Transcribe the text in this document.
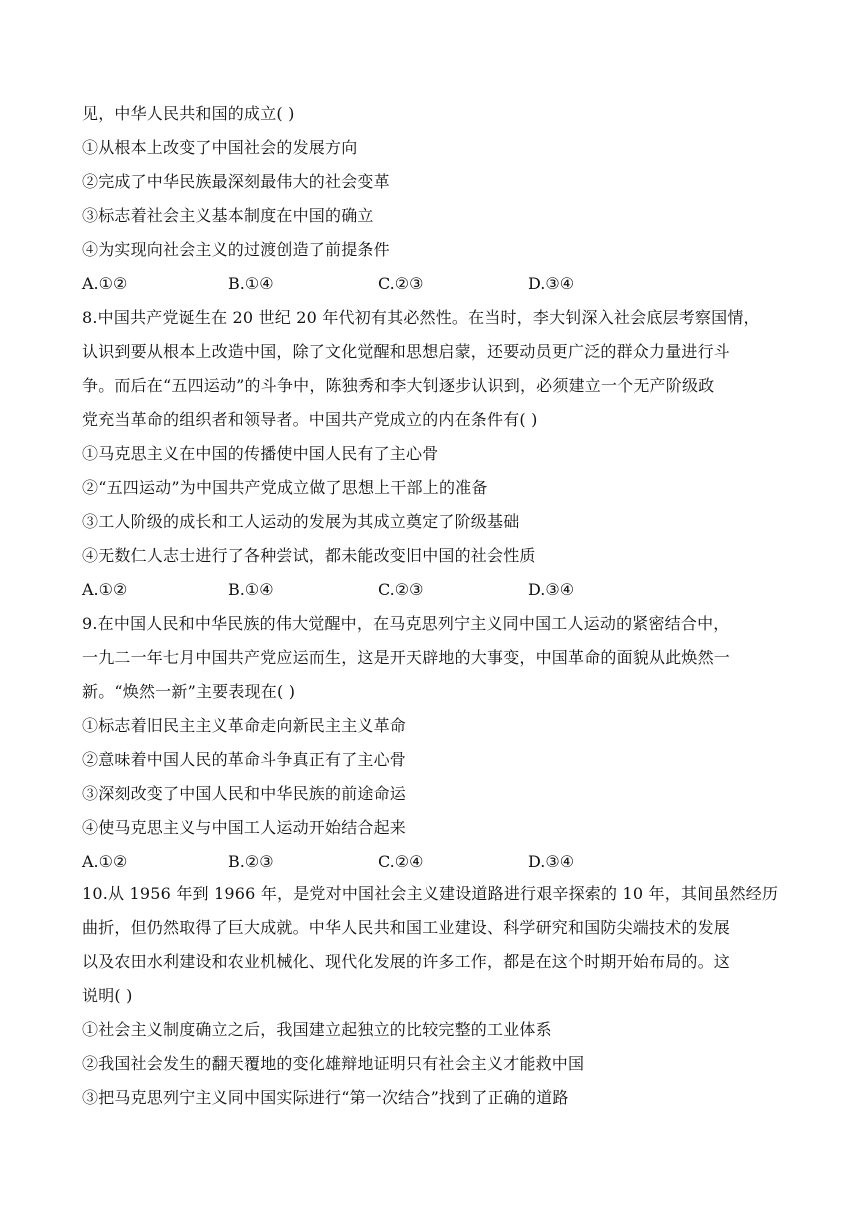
见，中华人民共和国的成立( )
①从根本上改变了中国社会的发展方向
②完成了中华民族最深刻最伟大的社会变革
③标志着社会主义基本制度在中国的确立
④为实现向社会主义的过渡创造了前提条件
A.①②	B.①④	C.②③	D.③④
8.中国共产党诞生在 20 世纪 20 年代初有其必然性。在当时，李大钊深入社会底层考察国情，
认识到要从根本上改造中国，除了文化觉醒和思想启蒙，还要动员更广泛的群众力量进行斗
争。而后在“五四运动”的斗争中，陈独秀和李大钊逐步认识到，必须建立一个无产阶级政
党充当革命的组织者和领导者。中国共产党成立的内在条件有( )
①马克思主义在中国的传播使中国人民有了主心骨
②“五四运动”为中国共产党成立做了思想上干部上的准备
③工人阶级的成长和工人运动的发展为其成立奠定了阶级基础
④无数仁人志士进行了各种尝试，都未能改变旧中国的社会性质
A.①②	B.①④	C.②③	D.③④
9.在中国人民和中华民族的伟大觉醒中，在马克思列宁主义同中国工人运动的紧密结合中，
一九二一年七月中国共产党应运而生，这是开天辟地的大事变，中国革命的面貌从此焕然一
新。“焕然一新”主要表现在( )
①标志着旧民主主义革命走向新民主主义革命
②意味着中国人民的革命斗争真正有了主心骨
③深刻改变了中国人民和中华民族的前途命运
④使马克思主义与中国工人运动开始结合起来
A.①②	B.②③	C.②④	D.③④
10.从 1956 年到 1966 年，是党对中国社会主义建设道路进行艰辛探索的 10 年，其间虽然经历
曲折，但仍然取得了巨大成就。中华人民共和国工业建设、科学研究和国防尖端技术的发展
以及农田水利建设和农业机械化、现代化发展的许多工作，都是在这个时期开始布局的。这
说明( )
①社会主义制度确立之后，我国建立起独立的比较完整的工业体系
②我国社会发生的翻天覆地的变化雄辩地证明只有社会主义才能救中国
③把马克思列宁主义同中国实际进行“第一次结合”找到了正确的道路
